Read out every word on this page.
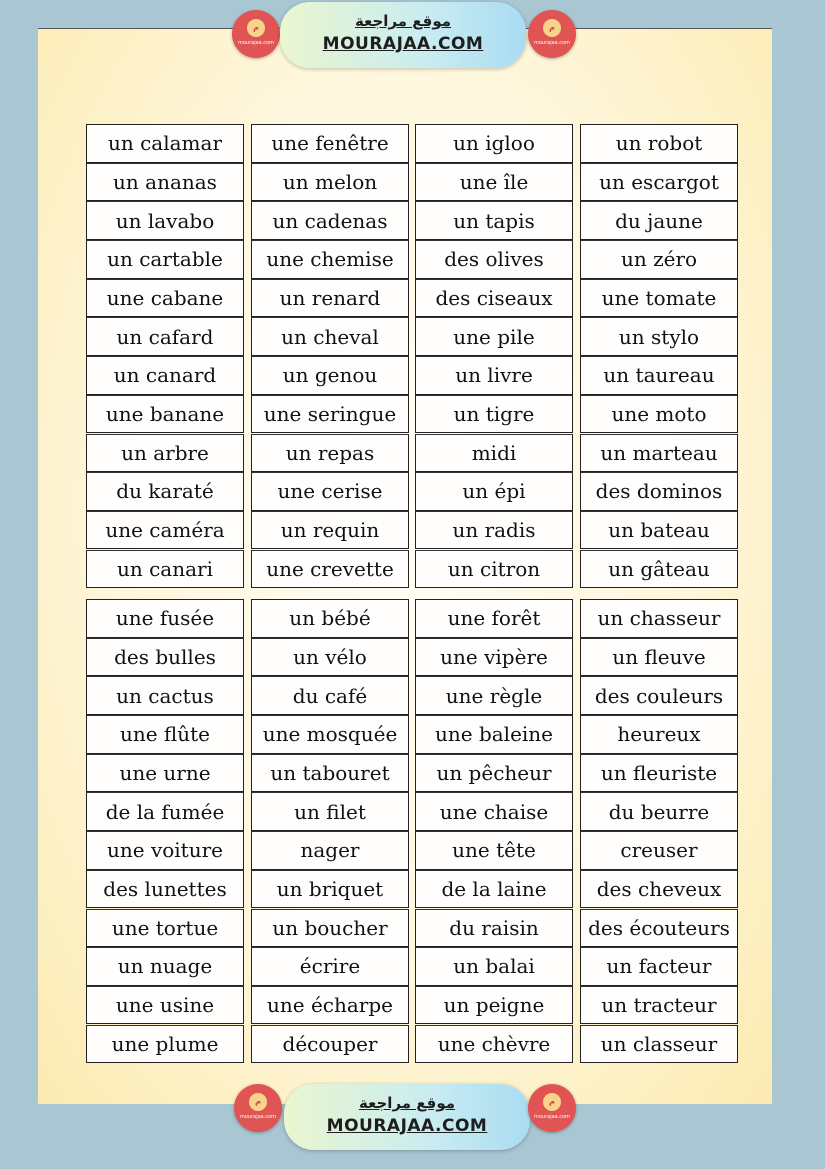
م
mourajaa.com
موقع مراجعة
MOURAJAA.COM
م
mourajaa.com
un calamar
un ananas
un lavabo
un cartable
une cabane
un cafard
un canard
une banane
un arbre
du karaté
une caméra
un canari
une fenêtre
un melon
un cadenas
une chemise
un renard
un cheval
un genou
une seringue
un repas
une cerise
un requin
une crevette
un igloo
une île
un tapis
des olives
des ciseaux
une pile
un livre
un tigre
midi
un épi
un radis
un citron
un robot
un escargot
du jaune
un zéro
une tomate
un stylo
un taureau
une moto
un marteau
des dominos
un bateau
un gâteau
une fusée
des bulles
un cactus
une flûte
une urne
de la fumée
une voiture
des lunettes
une tortue
un nuage
une usine
une plume
un bébé
un vélo
du café
une mosquée
un tabouret
un filet
nager
un briquet
un boucher
écrire
une écharpe
découper
une forêt
une vipère
une règle
une baleine
un pêcheur
une chaise
une tête
de la laine
du raisin
un balai
un peigne
une chèvre
un chasseur
un fleuve
des couleurs
heureux
un fleuriste
du beurre
creuser
des cheveux
des écouteurs
un facteur
un tracteur
un classeur
م
mourajaa.com
موقع مراجعة
MOURAJAA.COM
م
mourajaa.com
